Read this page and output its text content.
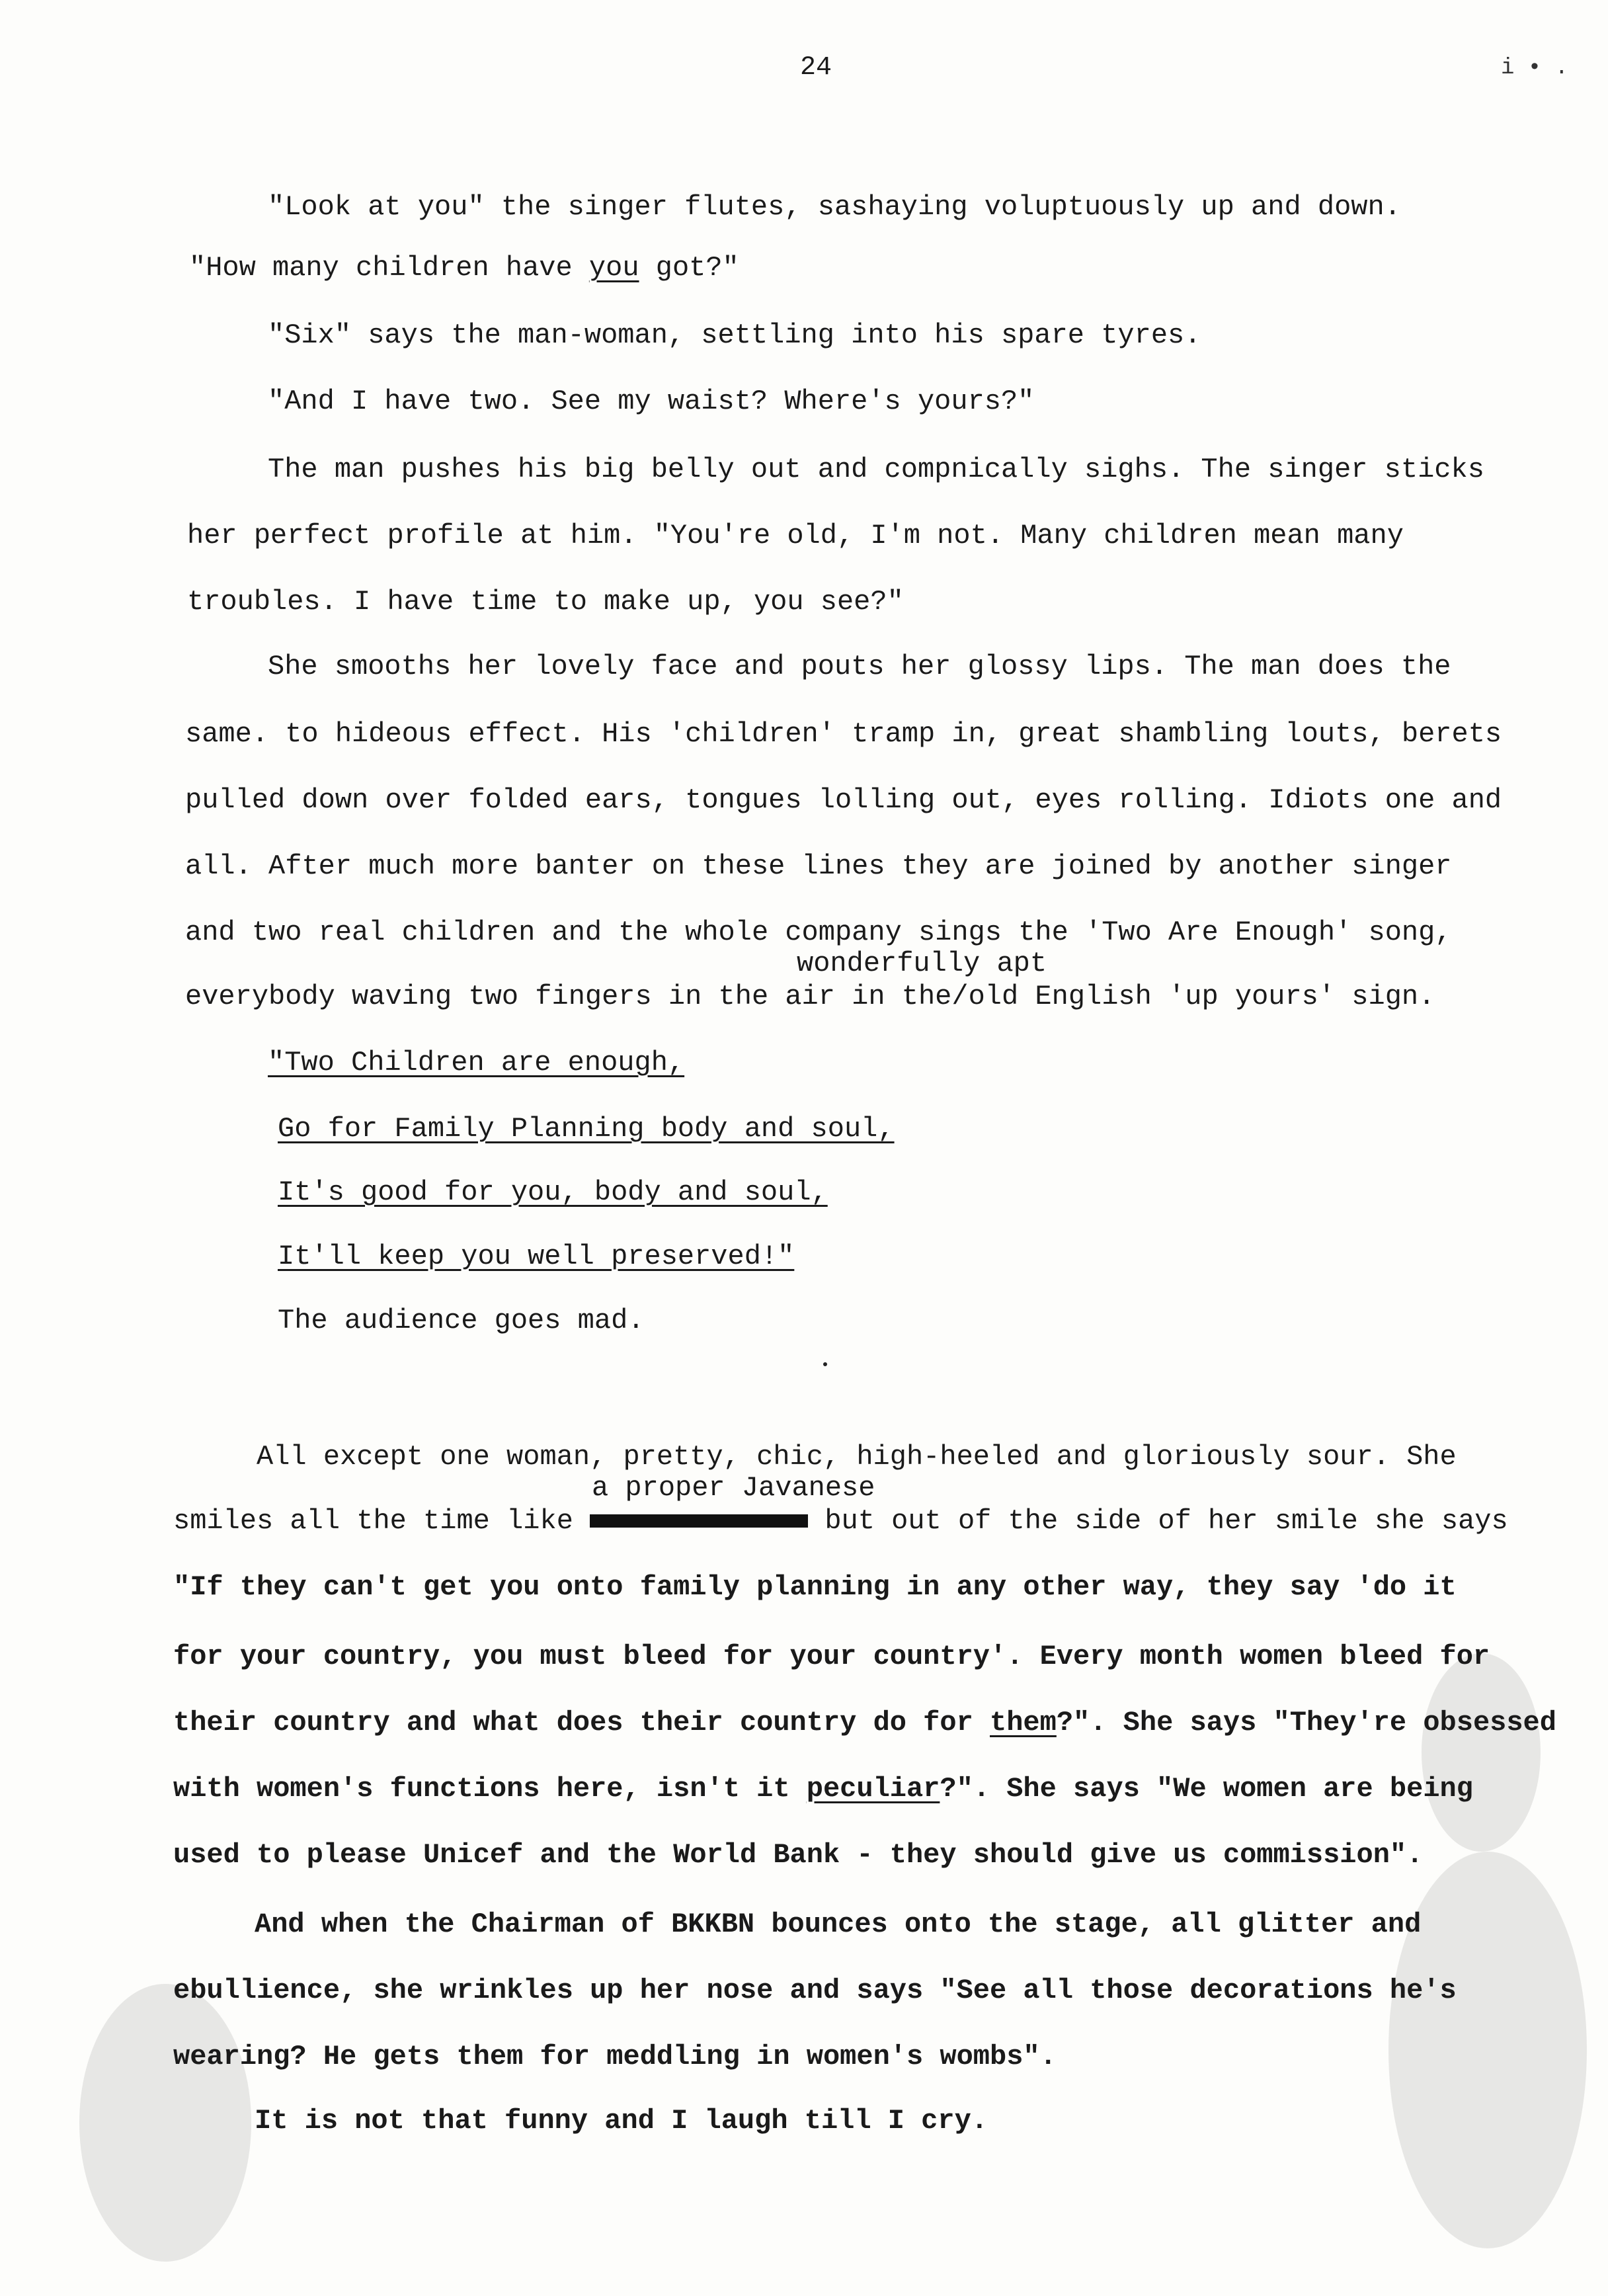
24	i • .
"Look at you" the singer flutes, sashaying voluptuously up and down.
"How many children have you got?"
"Six" says the man-woman, settling into his spare tyres.
"And I have two. See my waist? Where's yours?"
The man pushes his big belly out and compnically sighs. The singer sticks
her perfect profile at him. "You're old, I'm not. Many children mean many
troubles. I have time to make up, you see?"
She smooths her lovely face and pouts her glossy lips. The man does the
same. to hideous effect. His 'children' tramp in, great shambling louts, berets
pulled down over folded ears, tongues lolling out, eyes rolling. Idiots one and
all. After much more banter on these lines they are joined by another singer
and two real children and the whole company sings the 'Two Are Enough' song,
wonderfully apt
everybody waving two fingers in the air in the/old English 'up yours' sign.
"Two Children are enough,
Go for Family Planning body and soul,
It's good for you, body and soul,
It'll keep you well preserved!"
The audience goes mad.
All except one woman, pretty, chic, high-heeled and gloriously sour. She
a proper Javanese
smiles all the time like	but out of the side of her smile she says
"If they can't get you onto family planning in any other way, they say 'do it
for your country, you must bleed for your country'. Every month women bleed for
their country and what does their country do for them?". She says "They're obsessed
with women's functions here, isn't it peculiar?". She says "We women are being
used to please Unicef and the World Bank - they should give us commission".
And when the Chairman of BKKBN bounces onto the stage, all glitter and
ebullience, she wrinkles up her nose and says "See all those decorations he's
wearing? He gets them for meddling in women's wombs".
It is not that funny and I laugh till I cry.
